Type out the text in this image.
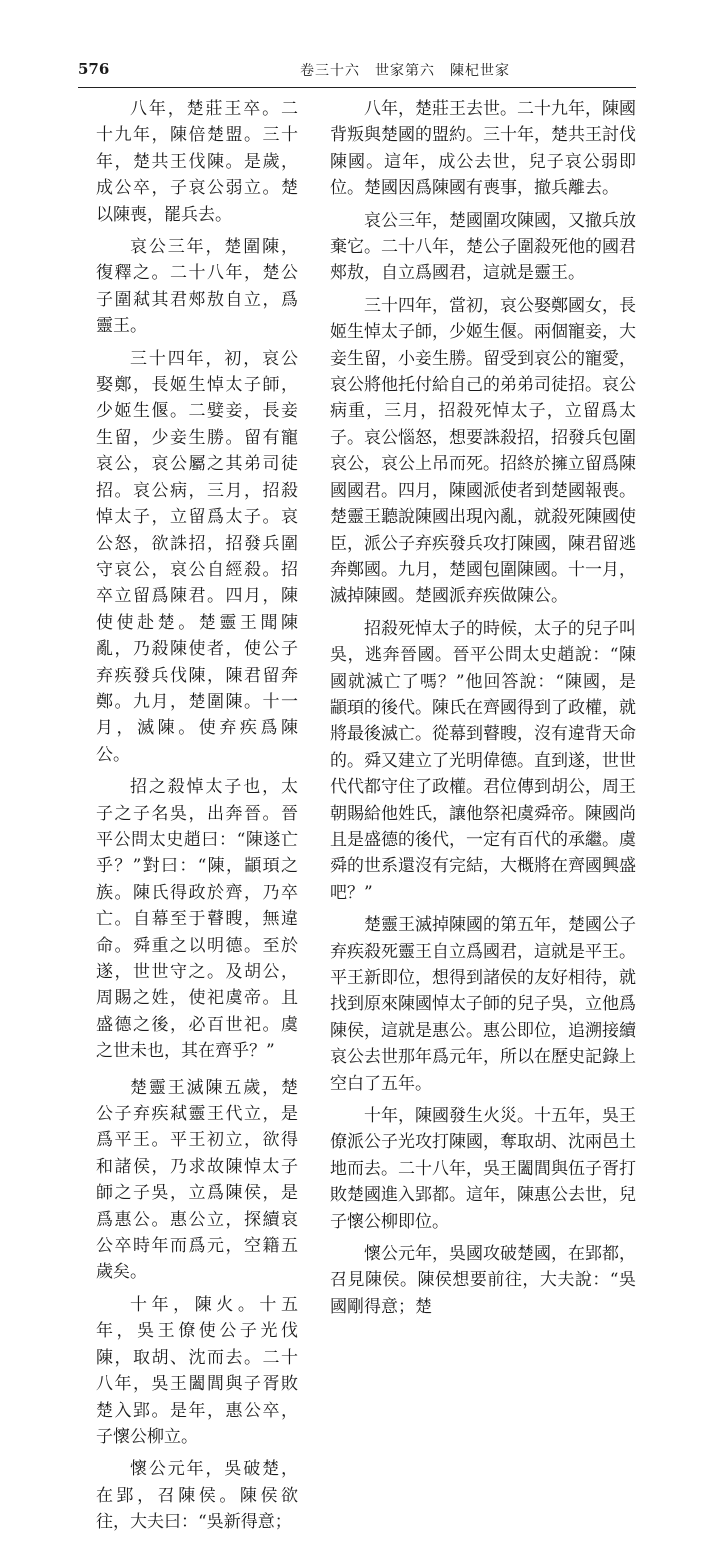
576	卷三十六　世家第六　陳杞世家

八年，楚莊王卒。二十九年，陳倍楚盟。三十年，楚共王伐陳。是歲，成公卒，子哀公弱立。楚以陳喪，罷兵去。

哀公三年，楚圍陳，復釋之。二十八年，楚公子圍弒其君郟敖自立，爲靈王。

三十四年，初，哀公娶鄭，長姬生悼太子師，少姬生偃。二嬖妾，長妾生留，少妾生勝。留有寵哀公，哀公屬之其弟司徒招。哀公病，三月，招殺悼太子，立留爲太子。哀公怒，欲誅招，招發兵圍守哀公，哀公自經殺。招卒立留爲陳君。四月，陳使使赴楚。楚靈王聞陳亂，乃殺陳使者，使公子弃疾發兵伐陳，陳君留奔鄭。九月，楚圍陳。十一月，滅陳。使弃疾爲陳公。

招之殺悼太子也，太子之子名吳，出奔晉。晉平公問太史趙曰：“陳遂亡乎？”對曰：“陳，顓頊之族。陳氏得政於齊，乃卒亡。自幕至于瞽瞍，無違命。舜重之以明德。至於遂，世世守之。及胡公，周賜之姓，使祀虞帝。且盛德之後，必百世祀。虞之世未也，其在齊乎？”

楚靈王滅陳五歲，楚公子弃疾弒靈王代立，是爲平王。平王初立，欲得和諸侯，乃求故陳悼太子師之子吳，立爲陳侯，是爲惠公。惠公立，探續哀公卒時年而爲元，空籍五歲矣。

十年，陳火。十五年，吳王僚使公子光伐陳，取胡、沈而去。二十八年，吳王闔閭與子胥敗楚入郢。是年，惠公卒，子懷公柳立。

懷公元年，吳破楚，在郢，召陳侯。陳侯欲往，大夫曰：“吳新得意；

八年，楚莊王去世。二十九年，陳國背叛與楚國的盟約。三十年，楚共王討伐陳國。這年，成公去世，兒子哀公弱即位。楚國因爲陳國有喪事，撤兵離去。

哀公三年，楚國圍攻陳國，又撤兵放棄它。二十八年，楚公子圍殺死他的國君郟敖，自立爲國君，這就是靈王。

三十四年，當初，哀公娶鄭國女，長姬生悼太子師，少姬生偃。兩個寵妾，大妾生留，小妾生勝。留受到哀公的寵愛，哀公將他托付給自己的弟弟司徒招。哀公病重，三月，招殺死悼太子，立留爲太子。哀公惱怒，想要誅殺招，招發兵包圍哀公，哀公上吊而死。招終於擁立留爲陳國國君。四月，陳國派使者到楚國報喪。楚靈王聽說陳國出現內亂，就殺死陳國使臣，派公子弃疾發兵攻打陳國，陳君留逃奔鄭國。九月，楚國包圍陳國。十一月，滅掉陳國。楚國派弃疾做陳公。

招殺死悼太子的時候，太子的兒子叫吳，逃奔晉國。晉平公問太史趙說：“陳國就滅亡了嗎？”他回答說：“陳國，是顓頊的後代。陳氏在齊國得到了政權，就將最後滅亡。從幕到瞽瞍，沒有違背天命的。舜又建立了光明偉德。直到遂，世世代代都守住了政權。君位傳到胡公，周王朝賜給他姓氏，讓他祭祀虞舜帝。陳國尚且是盛德的後代，一定有百代的承繼。虞舜的世系還沒有完結，大概將在齊國興盛吧？”

楚靈王滅掉陳國的第五年，楚國公子弃疾殺死靈王自立爲國君，這就是平王。平王新即位，想得到諸侯的友好相待，就找到原來陳國悼太子師的兒子吳，立他爲陳侯，這就是惠公。惠公即位，追溯接續哀公去世那年爲元年，所以在歷史記錄上空白了五年。

十年，陳國發生火災。十五年，吳王僚派公子光攻打陳國，奪取胡、沈兩邑土地而去。二十八年，吳王闔閭與伍子胥打敗楚國進入郢都。這年，陳惠公去世，兒子懷公柳即位。

懷公元年，吳國攻破楚國，在郢都，召見陳侯。陳侯想要前往，大夫說：“吳國剛得意；楚
